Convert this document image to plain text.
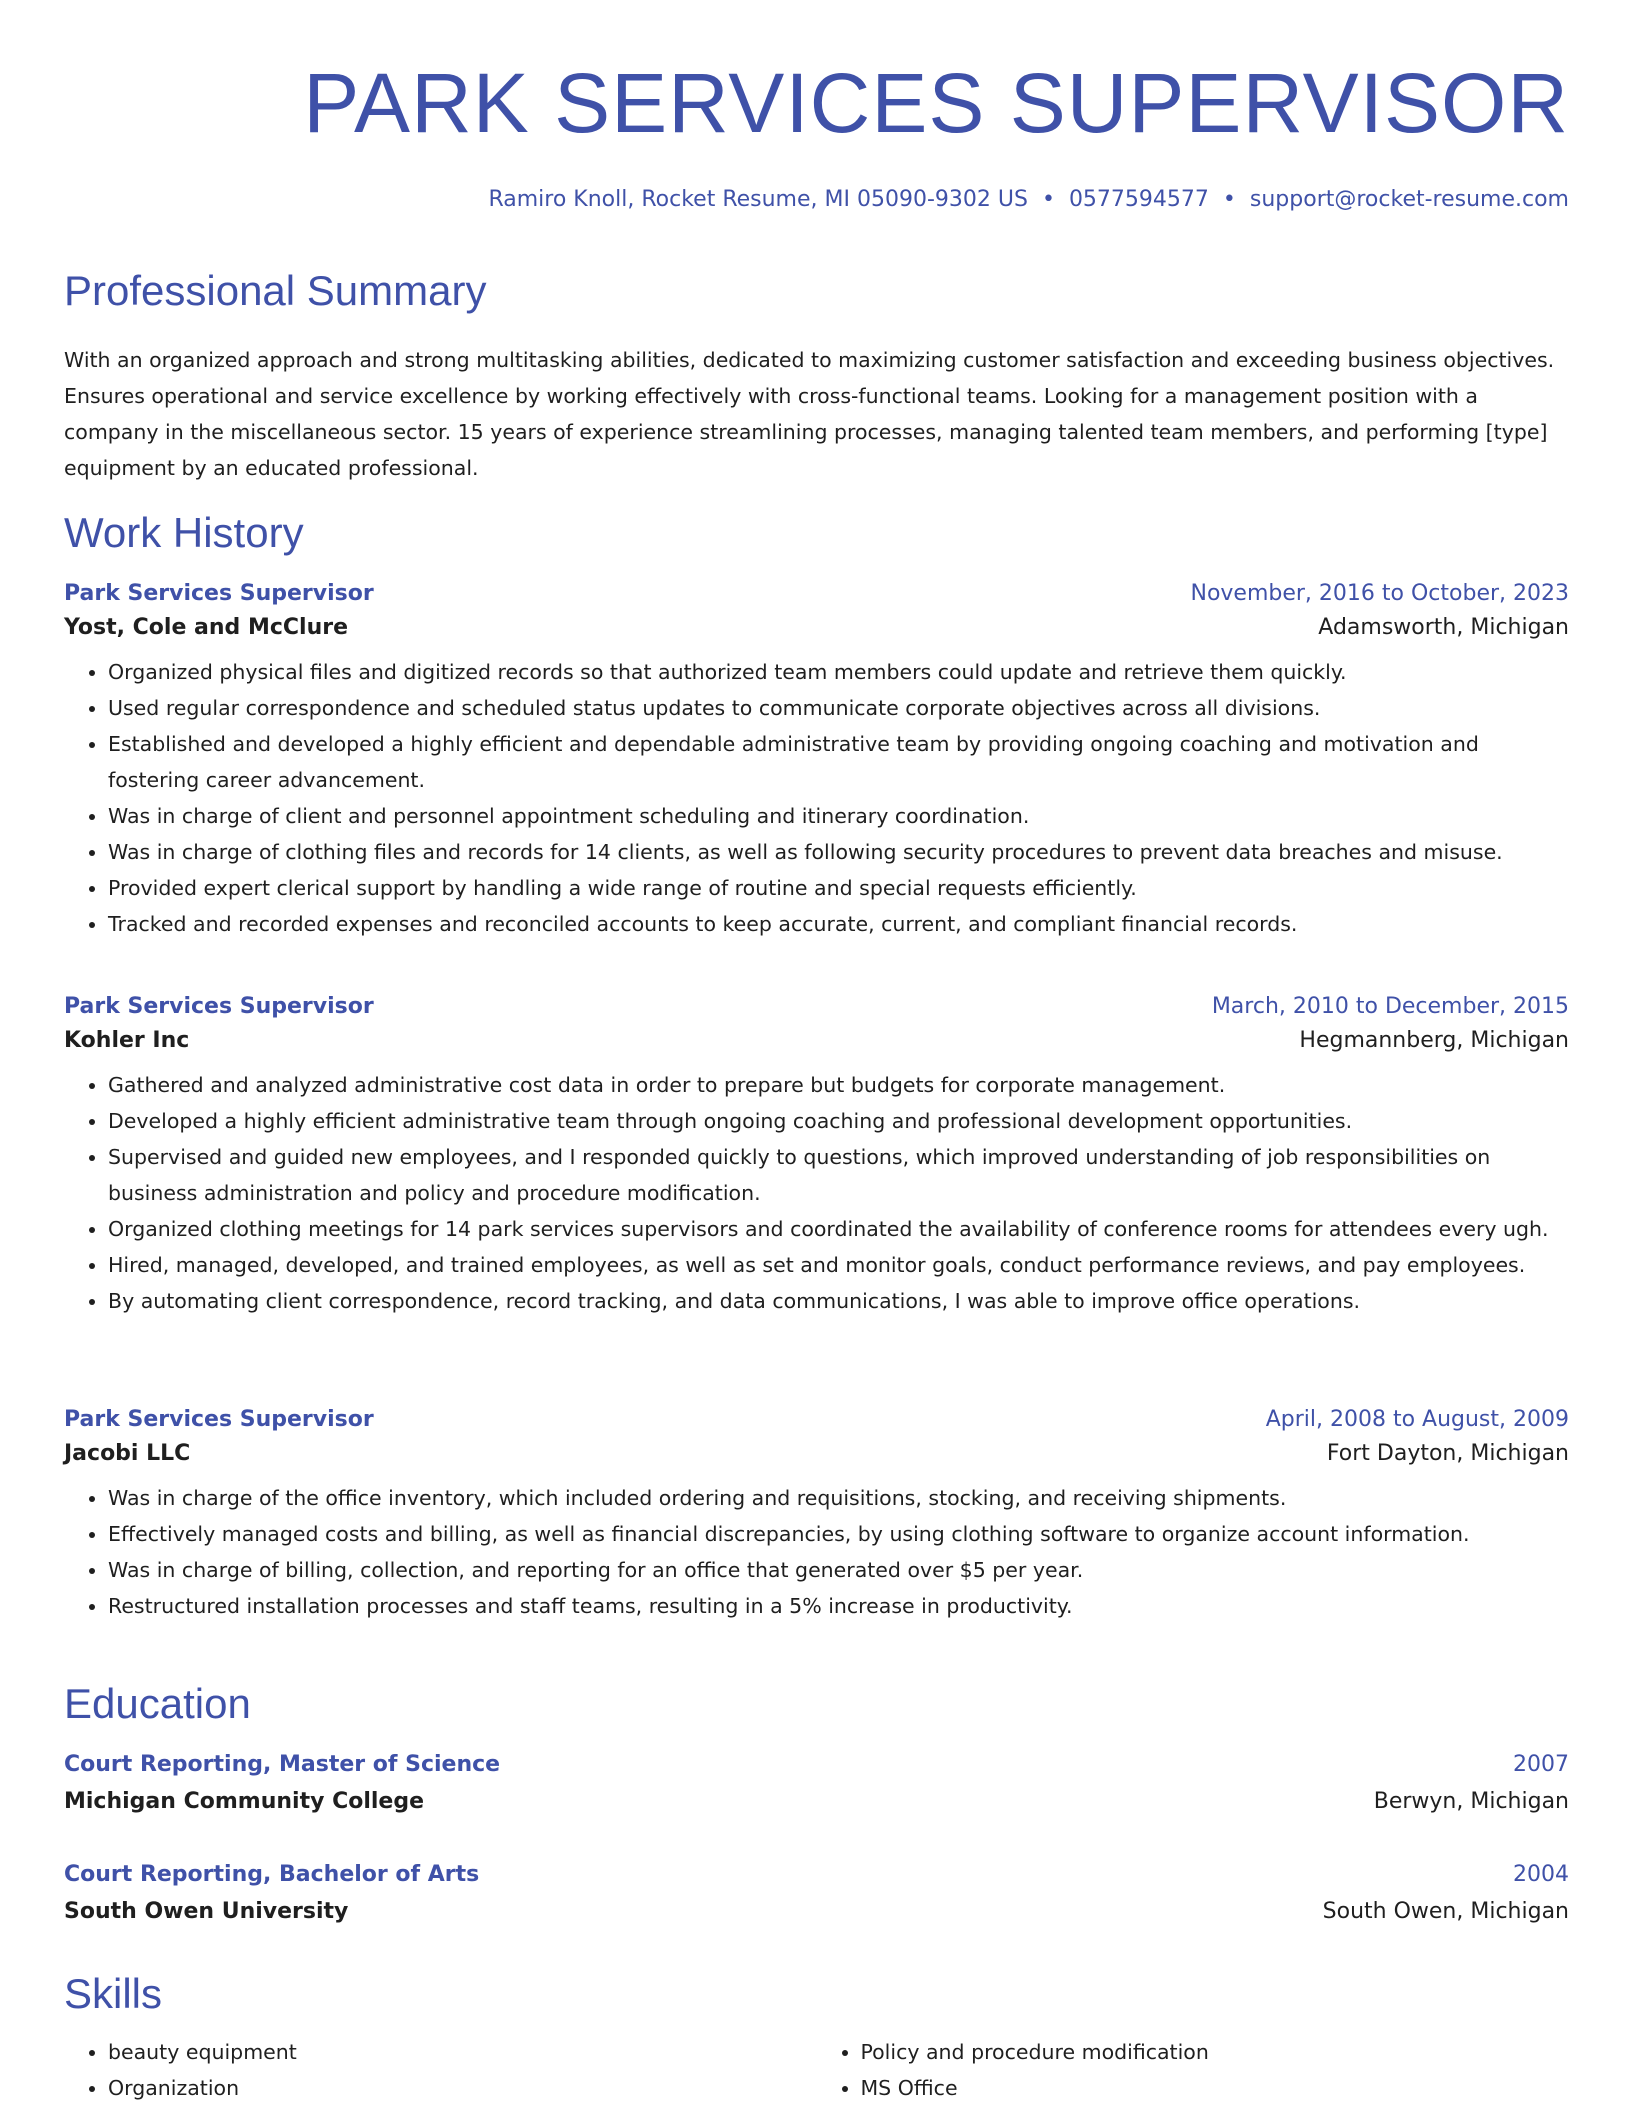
PARK SERVICES SUPERVISOR
Ramiro Knoll, Rocket Resume, MI 05090-9302 US • 0577594577 • support@rocket-resume.com
Professional Summary

With an organized approach and strong multitasking abilities, dedicated to maximizing customer satisfaction and exceeding business objectives. Ensures operational and service excellence by working effectively with cross-functional teams. Looking for a management position with a company in the miscellaneous sector. 15 years of experience streamlining processes, managing talented team members, and performing [type] equipment by an educated professional.

Work History
Park Services Supervisor	November, 2016 to October, 2023
Yost, Cole and McClure	Adamsworth, Michigan
• Organized physical files and digitized records so that authorized team members could update and retrieve them quickly.
• Used regular correspondence and scheduled status updates to communicate corporate objectives across all divisions.
• Established and developed a highly efficient and dependable administrative team by providing ongoing coaching and motivation and fostering career advancement.
• Was in charge of client and personnel appointment scheduling and itinerary coordination.
• Was in charge of clothing files and records for 14 clients, as well as following security procedures to prevent data breaches and misuse.
• Provided expert clerical support by handling a wide range of routine and special requests efficiently.
• Tracked and recorded expenses and reconciled accounts to keep accurate, current, and compliant financial records.
Park Services Supervisor	March, 2010 to December, 2015
Kohler Inc	Hegmannberg, Michigan
• Gathered and analyzed administrative cost data in order to prepare but budgets for corporate management.
• Developed a highly efficient administrative team through ongoing coaching and professional development opportunities.
• Supervised and guided new employees, and I responded quickly to questions, which improved understanding of job responsibilities on business administration and policy and procedure modification.
• Organized clothing meetings for 14 park services supervisors and coordinated the availability of conference rooms for attendees every ugh.
• Hired, managed, developed, and trained employees, as well as set and monitor goals, conduct performance reviews, and pay employees.
• By automating client correspondence, record tracking, and data communications, I was able to improve office operations.
Park Services Supervisor	April, 2008 to August, 2009
Jacobi LLC	Fort Dayton, Michigan
• Was in charge of the office inventory, which included ordering and requisitions, stocking, and receiving shipments.
• Effectively managed costs and billing, as well as financial discrepancies, by using clothing software to organize account information.
• Was in charge of billing, collection, and reporting for an office that generated over $5 per year.
• Restructured installation processes and staff teams, resulting in a 5% increase in productivity.
Education
Court Reporting, Master of Science	2007
Michigan Community College	Berwyn, Michigan
Court Reporting, Bachelor of Arts	2004
South Owen University	South Owen, Michigan
Skills
• beauty equipment
• Organization
• Policy and procedure modification
• MS Office
